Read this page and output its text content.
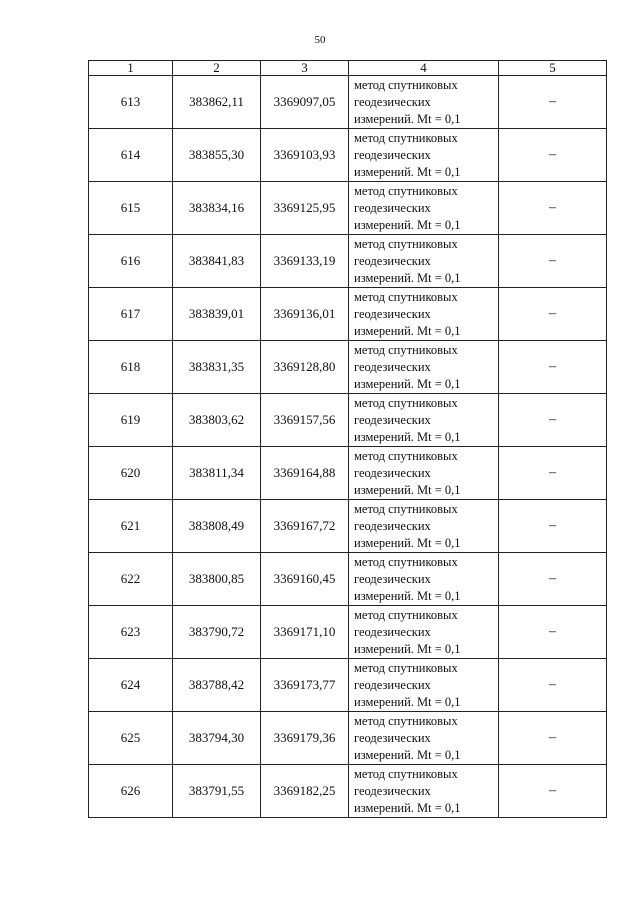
50
1	2	3	4	5
613	383862,11	3369097,05	метод спутниковых
геодезических
измерений. Mt = 0,1	–
614	383855,30	3369103,93	метод спутниковых
геодезических
измерений. Mt = 0,1	–
615	383834,16	3369125,95	метод спутниковых
геодезических
измерений. Mt = 0,1	–
616	383841,83	3369133,19	метод спутниковых
геодезических
измерений. Mt = 0,1	–
617	383839,01	3369136,01	метод спутниковых
геодезических
измерений. Mt = 0,1	–
618	383831,35	3369128,80	метод спутниковых
геодезических
измерений. Mt = 0,1	–
619	383803,62	3369157,56	метод спутниковых
геодезических
измерений. Mt = 0,1	–
620	383811,34	3369164,88	метод спутниковых
геодезических
измерений. Mt = 0,1	–
621	383808,49	3369167,72	метод спутниковых
геодезических
измерений. Mt = 0,1	–
622	383800,85	3369160,45	метод спутниковых
геодезических
измерений. Mt = 0,1	–
623	383790,72	3369171,10	метод спутниковых
геодезических
измерений. Mt = 0,1	–
624	383788,42	3369173,77	метод спутниковых
геодезических
измерений. Mt = 0,1	–
625	383794,30	3369179,36	метод спутниковых
геодезических
измерений. Mt = 0,1	–
626	383791,55	3369182,25	метод спутниковых
геодезических
измерений. Mt = 0,1	–
